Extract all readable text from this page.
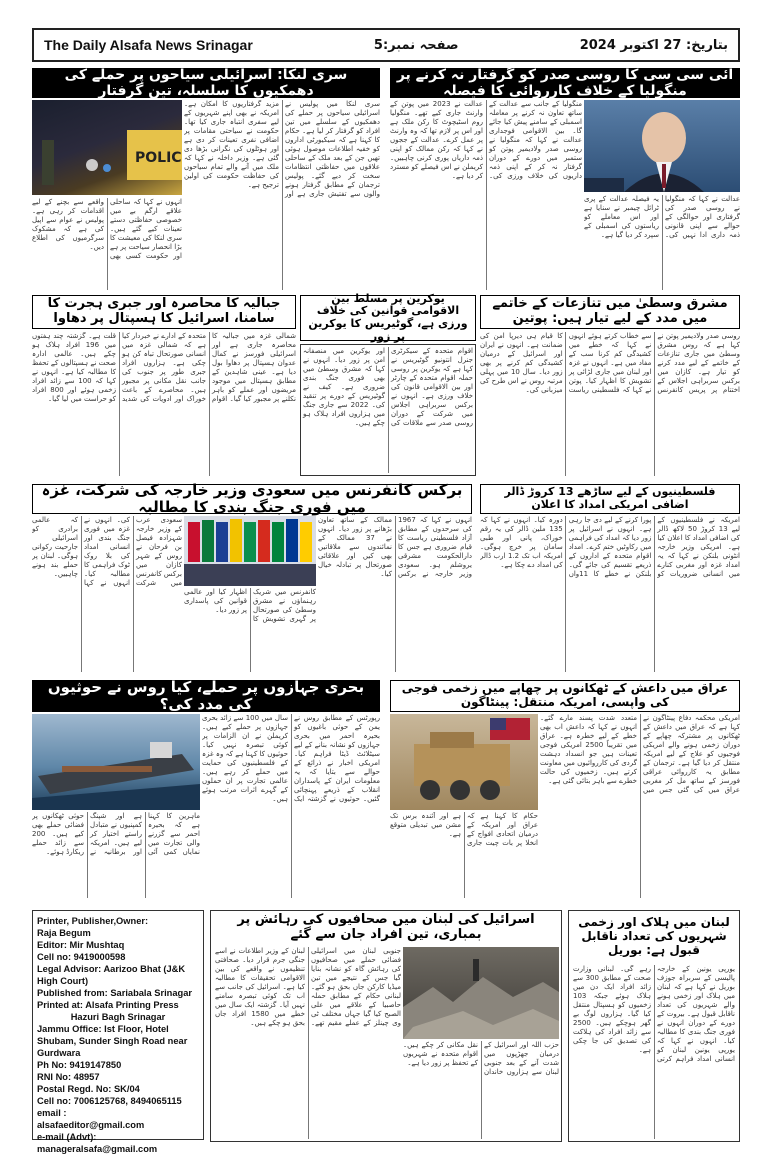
The Daily Alsafa News Srinagar	صفحہ نمبر:5	بتاریخ: 27 اکتوبر 2024
سری لنکا: اسرائیلی سیاحوں پر حملے کی دھمکیوں کا سلسلہ، تین گرفتار
آئی سی سی کا روسی صدر کو گرفتار نہ کرنے پر منگولیا کے خلاف کارروائی کا فیصلہ
POLIC
سری لنکا میں پولیس نے اسرائیلی سیاحوں پر حملے کی دھمکیوں کے سلسلے میں تین افراد کو گرفتار کر لیا ہے۔ حکام کا کہنا ہے کہ سیکیورٹی اداروں کو خفیہ اطلاعات موصول ہوئی تھیں جن کے بعد ملک کے ساحلی علاقوں میں حفاظتی انتظامات سخت کر دیے گئے۔ پولیس ترجمان کے مطابق گرفتار ہونے والوں سے تفتیش جاری ہے اور مزید گرفتاریوں کا امکان ہے۔ امریکہ نے بھی اپنے شہریوں کے لیے سفری انتباہ جاری کیا تھا۔ حکومت نے سیاحتی مقامات پر اضافی نفری تعینات کر دی ہے اور ہوٹلوں کی نگرانی بڑھا دی گئی ہے۔ وزیر داخلہ نے کہا کہ ملک میں آنے والے تمام سیاحوں کی حفاظت حکومت کی اولین ترجیح ہے۔
انہوں نے کہا کہ ساحلی علاقے ارگم بے میں خصوصی حفاظتی دستے تعینات کیے گئے ہیں۔ سری لنکا کی معیشت کا بڑا انحصار سیاحت پر ہے اور حکومت کسی بھی واقعے سے بچنے کے لیے اقدامات کر رہی ہے۔ پولیس نے عوام سے اپیل کی ہے کہ مشکوک سرگرمیوں کی اطلاع دیں۔
منگولیا کے جانب سے عدالت کے ساتھ تعاون نہ کرنے پر معاملہ اسمبلی کے سامنے پیش کیا جائے گا۔ بین الاقوامی فوجداری عدالت نے کہا کہ منگولیا نے روسی صدر ولادیمیر پوتن کو ستمبر میں دورے کے دوران گرفتار نہ کر کے اپنی ذمہ داریوں کی خلاف ورزی کی۔ عدالت نے 2023 میں پوتن کے وارنٹ جاری کیے تھے۔ منگولیا روم اسٹیچوٹ کا رکن ملک ہے اور اس پر لازم تھا کہ وہ وارنٹ پر عمل کرے۔ عدالت کے ججوں نے کہا کہ رکن ممالک کو اپنی ذمہ داریاں پوری کرنی چاہییں۔ کریملن نے اس فیصلے کو مسترد کر دیا ہے۔
عدالت نے کہا کہ منگولیا نے روسی صدر کی گرفتاری اور حوالگی کے حوالے سے اپنی قانونی ذمہ داری ادا نہیں کی۔ یہ فیصلہ عدالت کے پری ٹرائل چیمبر نے سنایا ہے اور اس معاملے کو ریاستوں کی اسمبلی کے سپرد کر دیا گیا ہے۔
جبالیہ کا محاصرہ اور جبری ہجرت کا سامنا، اسرائیل کا ہسپتال پر دھاوا
یوکرین پر مسلط بین الاقوامی قوانین کی خلاف ورزی ہے، گوٹیریس کا یوکرین پر زور
مشرق وسطیٰ میں تنازعات کے خاتمے میں مدد کے لیے تیار ہیں: پوتین
شمالی غزہ میں جبالیہ کا محاصرہ جاری ہے اور اسرائیلی فورسز نے کمال عدوان ہسپتال پر دھاوا بول دیا ہے۔ عینی شاہدین کے مطابق ہسپتال میں موجود مریضوں اور عملے کو باہر نکلنے پر مجبور کیا گیا۔ اقوام متحدہ کے ادارے نے خبردار کیا ہے کہ شمالی غزہ میں انسانی صورتحال تباہ کن ہو چکی ہے۔ ہزاروں افراد جبری طور پر جنوب کی جانب نقل مکانی پر مجبور ہیں۔ محاصرے کے باعث خوراک اور ادویات کی شدید قلت ہے۔ گزشتہ چند ہفتوں میں 196 افراد ہلاک ہو چکے ہیں۔ عالمی ادارہ صحت نے ہسپتالوں کے تحفظ کا مطالبہ کیا ہے۔ انہوں نے کہا کہ 100 سے زائد افراد زخمی ہوئے اور 800 افراد کو حراست میں لیا گیا۔
اقوام متحدہ کے سیکرٹری جنرل انتونیو گوٹیریس نے کہا ہے کہ یوکرین پر روسی حملہ اقوام متحدہ کے چارٹر اور بین الاقوامی قانون کی خلاف ورزی ہے۔ انہوں نے برکس سربراہی اجلاس میں شرکت کے دوران روسی صدر سے ملاقات کی اور یوکرین میں منصفانہ امن پر زور دیا۔ انہوں نے کہا کہ مشرق وسطیٰ میں بھی فوری جنگ بندی ضروری ہے۔ کیف نے گوٹیریس کے دورے پر تنقید کی۔ 2022 سے جاری جنگ میں ہزاروں افراد ہلاک ہو چکے ہیں۔
روسی صدر ولادیمیر پوتن نے کہا ہے کہ روس مشرق وسطیٰ میں جاری تنازعات کے خاتمے کے لیے مدد کرنے کو تیار ہے۔ کازان میں برکس سربراہی اجلاس کے اختتام پر پریس کانفرنس سے خطاب کرتے ہوئے انہوں نے کہا کہ خطے میں کشیدگی کم کرنا سب کے مفاد میں ہے۔ انہوں نے غزہ اور لبنان میں جاری لڑائی پر تشویش کا اظہار کیا۔ پوتن نے کہا کہ فلسطینی ریاست کا قیام ہی دیرپا امن کی ضمانت ہے۔ انہوں نے ایران اور اسرائیل کے درمیان کشیدگی کم کرنے پر بھی زور دیا۔ سال 10 میں پہلی مرتبہ روس نے اس طرح کی میزبانی کی۔
برکس کانفرنس میں سعودی وزیر خارجہ کی شرکت، غزہ میں فوری جنگ بندی کا مطالبہ
فلسطینیوں کے لیے ساڑھے 13 کروڑ ڈالر اضافی امریکی امداد کا اعلان
سعودی عرب کے وزیر خارجہ شہزادہ فیصل بن فرحان نے روس کے شہر کازان میں برکس کانفرنس میں شرکت کی۔ انہوں نے غزہ میں فوری جنگ بندی اور انسانی امداد کی بلا روک ٹوک فراہمی کا مطالبہ کیا۔ انہوں نے کہا کہ عالمی برادری کو اسرائیلی جارحیت رکوانی ہوگی۔ لبنان پر حملے بند ہونے چاہییں۔
انہوں نے کہا کہ 1967 کی سرحدوں کے مطابق آزاد فلسطینی ریاست کا قیام ضروری ہے جس کا دارالحکومت مشرقی یروشلم ہو۔ سعودی وزیر خارجہ نے برکس ممالک کے ساتھ تعاون بڑھانے پر زور دیا۔ انہوں نے 37 ممالک کے نمائندوں سے ملاقاتیں بھی کیں اور علاقائی صورتحال پر تبادلہ خیال کیا۔
کانفرنس میں شریک رہنماؤں نے مشرق وسطیٰ کی صورتحال پر گہری تشویش کا اظہار کیا اور عالمی قوانین کی پاسداری پر زور دیا۔
امریکہ نے فلسطینیوں کے لیے 13 کروڑ 50 لاکھ ڈالر کی اضافی امداد کا اعلان کیا ہے۔ امریکی وزیر خارجہ انٹونی بلنکن نے کہا کہ یہ امداد غزہ اور مغربی کنارے میں انسانی ضروریات کو پورا کرنے کے لیے دی جا رہی ہے۔ انہوں نے اسرائیل پر زور دیا کہ امداد کی فراہمی میں رکاوٹیں ختم کرے۔ امداد اقوام متحدہ کے اداروں کے ذریعے تقسیم کی جائے گی۔ بلنکن نے خطے کا 11واں دورہ کیا۔ انہوں نے کہا کہ 135 ملین ڈالر کی یہ رقم خوراک، پانی اور طبی سامان پر خرچ ہوگی۔ امریکہ اب تک 1.2 ارب ڈالر کی امداد دے چکا ہے۔
بحری جہازوں پر حملے، کیا روس نے حوثیوں کی مدد کی؟
عراق میں داعش کے ٹھکانوں پر چھاپے میں زخمی فوجی کی واپسی، امریکہ منتقل: پینٹاگون
رپورٹس کے مطابق روس نے یمن کے حوثی باغیوں کو بحیرہ احمر میں بحری جہازوں کو نشانہ بنانے کے لیے سیٹلائٹ ڈیٹا فراہم کیا۔ امریکی اخبار نے ذرائع کے حوالے سے بتایا کہ یہ معلومات ایران کے پاسداران انقلاب کے ذریعے پہنچائی گئیں۔ حوثیوں نے گزشتہ ایک سال میں 100 سے زائد بحری جہازوں پر حملے کیے ہیں۔ کریملن نے ان الزامات پر کوئی تبصرہ نہیں کیا۔ حوثیوں کا کہنا ہے کہ وہ غزہ کے فلسطینیوں کی حمایت میں حملے کر رہے ہیں۔ عالمی تجارت پر ان حملوں کے گہرے اثرات مرتب ہوئے ہیں۔
ماہرین کا کہنا ہے کہ بحیرہ احمر سے گزرنے والی تجارت میں نمایاں کمی آئی ہے اور شپنگ کمپنیوں نے متبادل راستے اختیار کر لیے ہیں۔ امریکہ اور برطانیہ نے حوثی ٹھکانوں پر فضائی حملے بھی کیے ہیں۔ 200 سے زائد حملے ریکارڈ ہوئے۔
امریکی محکمہ دفاع پینٹاگون نے کہا ہے کہ عراق میں داعش کے ٹھکانوں پر مشترکہ چھاپے کے دوران زخمی ہونے والے امریکی فوجیوں کو علاج کے لیے امریکہ منتقل کر دیا گیا ہے۔ ترجمان کے مطابق یہ کارروائی عراقی فورسز کے ساتھ مل کر مغربی عراق میں کی گئی جس میں متعدد شدت پسند مارے گئے۔ انہوں نے کہا کہ داعش اب بھی خطے کے لیے خطرہ ہے۔ عراق میں تقریباً 2500 امریکی فوجی تعینات ہیں جو انسداد دہشت گردی کی کارروائیوں میں معاونت کرتے ہیں۔ زخمیوں کی حالت خطرے سے باہر بتائی گئی ہے۔
حکام کا کہنا ہے کہ عراق اور امریکہ کے درمیان اتحادی افواج کے انخلا پر بات چیت جاری ہے اور آئندہ برس تک مشن میں تبدیلی متوقع ہے۔
Printer, Publisher,Owner:
Raja Begum
Editor: Mir Mushtaq
Cell no: 9419000598
Legal Advisor: Aarizoo Bhat (J&K High Court)
Published from: Sariabala Srinagar
Printed at: Alsafa Printing Press
Hazuri Bagh Srinagar
Jammu Office: Ist Floor, Hotel Shubam, Sunder Singh Road near Gurdwara
Ph No: 9419147850
RNI No: 48957
Postal Regd. No: SK/04
Cell no: 7006125768, 8494065115
email :
alsafaeditor@gmail.com
e-mail (Advt):
manageralsafa@gmail.com
اسرائیل کی لبنان میں صحافیوں کی رہائش پر بمباری، تین افراد جان سے گئے
جنوبی لبنان میں اسرائیلی فضائی حملے میں صحافیوں کی رہائش گاہ کو نشانہ بنایا گیا جس کے نتیجے میں تین میڈیا کارکن جاں بحق ہو گئے۔ لبنانی حکام کے مطابق حملہ حاصبیا کے علاقے میں علی الصبح کیا گیا جہاں مختلف ٹی وی چینلز کے عملے مقیم تھے۔ لبنان کے وزیر اطلاعات نے اسے جنگی جرم قرار دیا۔ صحافتی تنظیموں نے واقعے کی بین الاقوامی تحقیقات کا مطالبہ کیا ہے۔ اسرائیل کی جانب سے اب تک کوئی تبصرہ سامنے نہیں آیا۔ گزشتہ ایک سال میں خطے میں 1580 افراد جاں بحق ہو چکے ہیں۔
حزب اللہ اور اسرائیل کے درمیان جھڑپوں میں شدت آنے کے بعد جنوبی لبنان سے ہزاروں خاندان نقل مکانی کر چکے ہیں۔ اقوام متحدہ نے شہریوں کے تحفظ پر زور دیا ہے۔
لبنان میں ہلاک اور زخمی شہریوں کی تعداد ناقابل قبول ہے: بوریل
یورپی یونین کے خارجہ پالیسی کے سربراہ جوزف بوریل نے کہا ہے کہ لبنان میں ہلاک اور زخمی ہونے والے شہریوں کی تعداد ناقابل قبول ہے۔ بیروت کے دورے کے دوران انہوں نے فوری جنگ بندی کا مطالبہ کیا۔ انہوں نے کہا کہ یورپی یونین لبنان کو انسانی امداد فراہم کرتی رہے گی۔ لبنانی وزارت صحت کے مطابق 300 سے زائد افراد ایک دن میں ہلاک ہوئے جبکہ 103 زخمیوں کو ہسپتال منتقل کیا گیا۔ ہزاروں لوگ بے گھر ہوچکے ہیں۔ 2500 سے زائد افراد کی ہلاکت کی تصدیق کی جا چکی ہے۔
